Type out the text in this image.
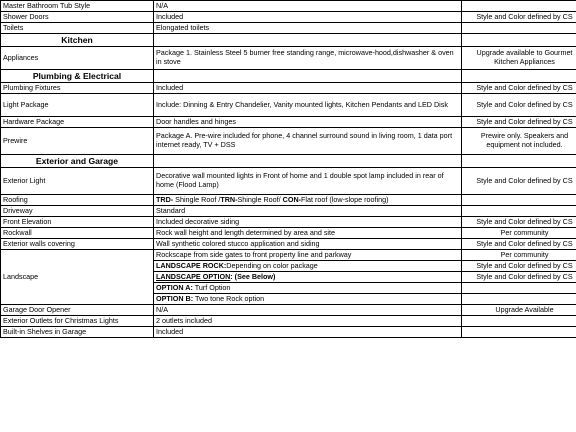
Master Bathroom Tub Style	N/A	
Shower Doors	Included	Style and Color defined by CS
Toilets	Elongated toilets	
Kitchen		
Appliances	Package 1. Stainless Steel 5 burner free standing range, microwave-hood,dishwasher & oven in stove	Upgrade available to Gourmet Kitchen Appliances
Plumbing & Electrical		
Plumbing Fixtures	Included	Style and Color defined by CS
Light Package	Include: Dinning & Entry Chandelier, Vanity mounted lights, Kitchen Pendants and LED Disk	Style and Color defined by CS
Hardware Package	Door handles and hinges	Style and Color defined by CS
Prewire	Package A. Pre-wire included for phone, 4 channel surround sound in living room, 1 data port internet ready, TV + DSS	Prewire only. Speakers and equipment not included.
Exterior and Garage		
Exterior Light	Decorative wall mounted lights in Front of home and 1 double spot lamp included in rear of home (Flood Lamp)	Style and Color defined by CS
Roofing	TRD- Shingle Roof /TRN-Shingle Roof/ CON-Flat roof (low-slope roofing)	
Driveway	Standard	
Front Elevation	Included decorative siding	Style and Color defined by CS
Rockwall	Rock wall height and length determined by area and site	Per community
Exterior walls covering	Wall synthetic colored stucco application and siding	Style and Color defined by CS
Landscape	Rockscape from side gates to front property line and parkway	Per community
	LANDSCAPE ROCK:Depending on color package	Style and Color defined by CS
	LANDSCAPE OPTION: (See Below)	Style and Color defined by CS
	OPTION A: Turf Option	
	OPTION B: Two tone Rock option	
Garage Door Opener	N/A	Upgrade Available
Exterior Outlets for Christmas Lights	2 outlets included	
Built-in Shelves in Garage	Included	
